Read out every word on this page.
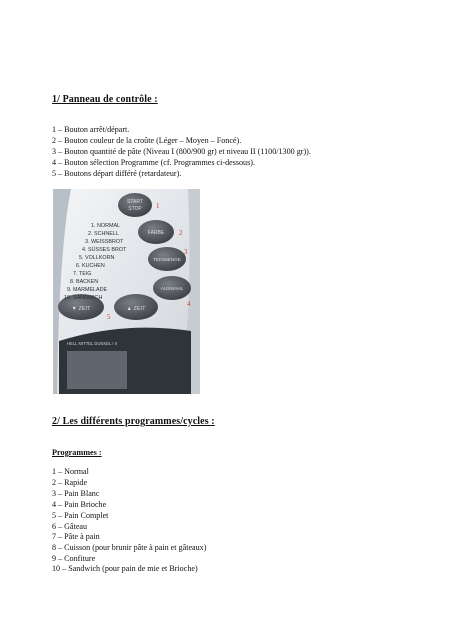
1/ Panneau de contrôle :
1 – Bouton arrêt/départ.
2 – Bouton couleur de la croûte (Léger – Moyen – Foncé).
3 – Bouton quantité de pâte (Niveau I (800/900 gr) et niveau II (1100/1300 gr)).
4 – Bouton sélection Programme (cf. Programmes ci-dessous).
5 – Boutons départ différé (retardateur).
START
STOP
FARBE
TEIGMENGE
AUSWAHL
▼ ZEIT	▲ ZEIT
1. NORMAL
2. SCHNELL
3. WEISSBROT
4. SÜSSES BROT
5. VOLLKORN
6. KUCHEN
7. TEIG
8. BACKEN
9. MARMELADE
10. SANDWICH
HELL MITTEL DUNKEL I II
1
2
3
4
5
2/ Les différents programmes/cycles :
Programmes :
1 – Normal
2 – Rapide
3 – Pain Blanc
4 – Pain Brioche
5 – Pain Complet
6 – Gâteau
7 – Pâte à pain
8 – Cuisson (pour brunir pâte à pain et gâteaux)
9 – Confiture
10 – Sandwich (pour pain de mie et Brioche)
